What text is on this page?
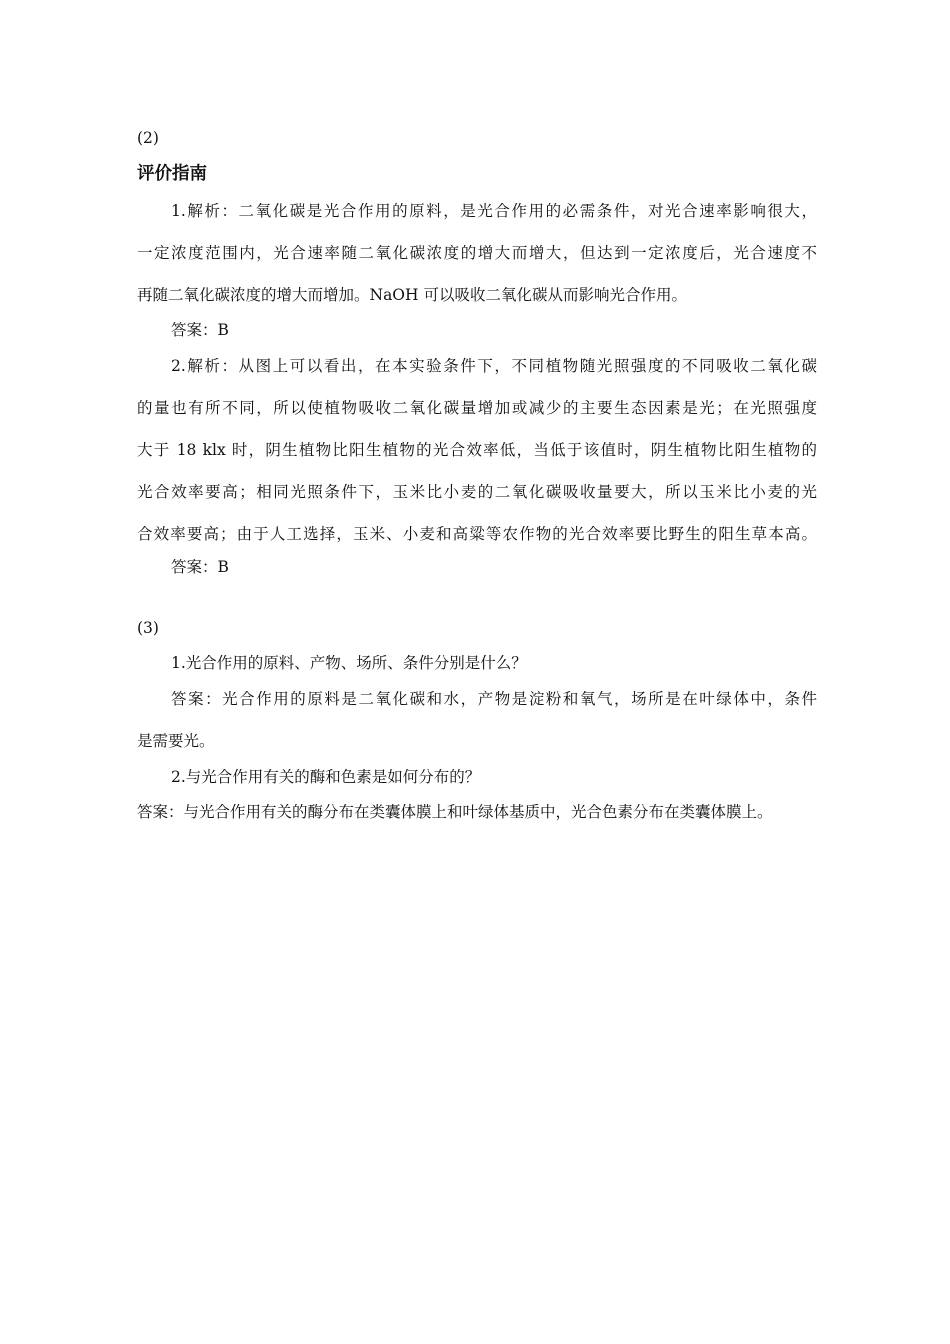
(2)
评价指南
1.解析：二氧化碳是光合作用的原料，是光合作用的必需条件，对光合速率影响很大，
一定浓度范围内，光合速率随二氧化碳浓度的增大而增大，但达到一定浓度后，光合速度不
再随二氧化碳浓度的增大而增加。NaOH 可以吸收二氧化碳从而影响光合作用。
答案：B
2.解析：从图上可以看出，在本实验条件下，不同植物随光照强度的不同吸收二氧化碳
的量也有所不同，所以使植物吸收二氧化碳量增加或减少的主要生态因素是光；在光照强度
大于 18 klx 时，阴生植物比阳生植物的光合效率低，当低于该值时，阴生植物比阳生植物的
光合效率要高；相同光照条件下，玉米比小麦的二氧化碳吸收量要大，所以玉米比小麦的光
合效率要高；由于人工选择，玉米、小麦和高粱等农作物的光合效率要比野生的阳生草本高。
答案：B
(3)
1.光合作用的原料、产物、场所、条件分别是什么？
答案：光合作用的原料是二氧化碳和水，产物是淀粉和氧气，场所是在叶绿体中，条件
是需要光。
2.与光合作用有关的酶和色素是如何分布的？
答案：与光合作用有关的酶分布在类囊体膜上和叶绿体基质中，光合色素分布在类囊体膜上。
